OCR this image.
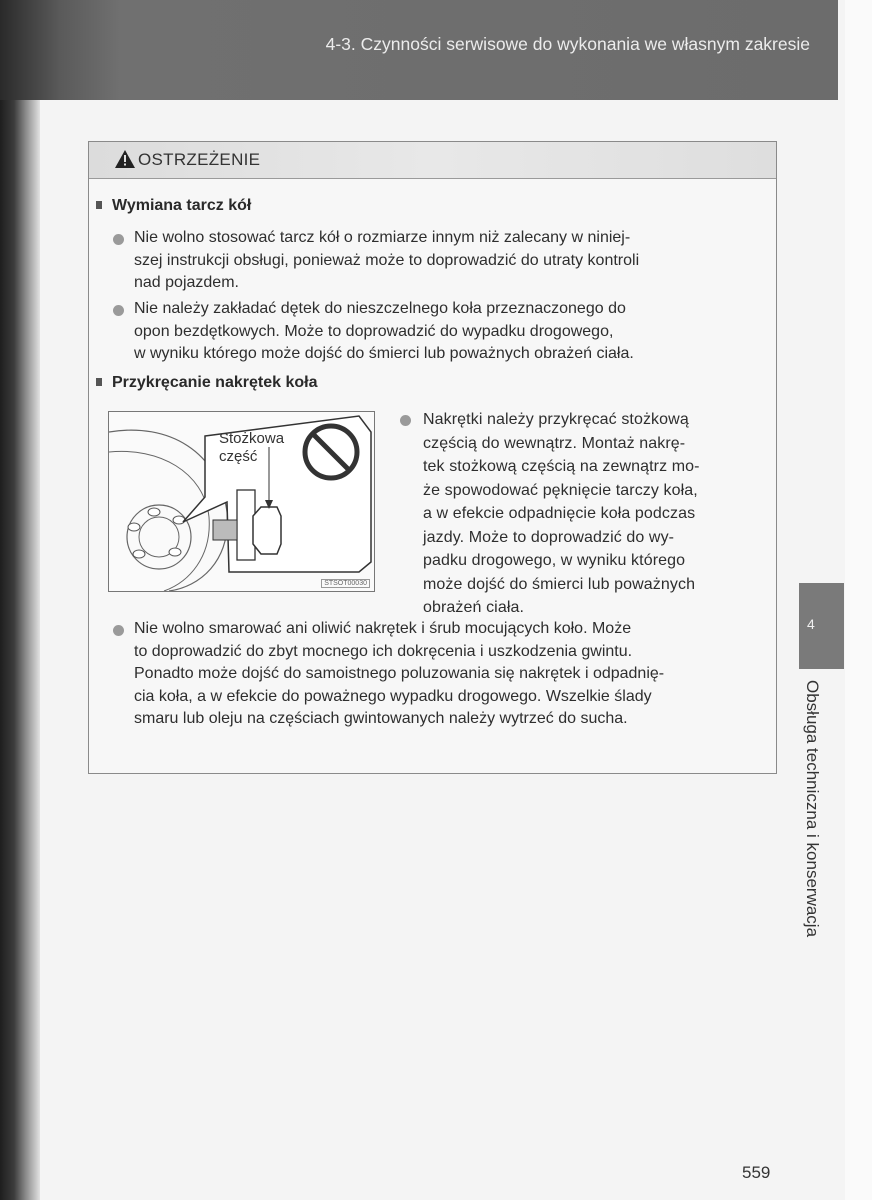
4-3. Czynności serwisowe do wykonania we własnym zakresie
OSTRZEŻENIE
Wymiana tarcz kół
Nie wolno stosować tarcz kół o rozmiarze innym niż zalecany w niniej-
szej instrukcji obsługi, ponieważ może to doprowadzić do utraty kontroli
nad pojazdem.
Nie należy zakładać dętek do nieszczelnego koła przeznaczonego do
opon bezdętkowych. Może to doprowadzić do wypadku drogowego,
w wyniku którego może dojść do śmierci lub poważnych obrażeń ciała.
Przykręcanie nakrętek koła
Stożkowa
część
STSOT00030
Nakrętki należy przykręcać stożkową
częścią do wewnątrz. Montaż nakrę-
tek stożkową częścią na zewnątrz mo-
że spowodować pęknięcie tarczy koła,
a w efekcie odpadnięcie koła podczas
jazdy. Może to doprowadzić do wy-
padku drogowego, w wyniku którego
może dojść do śmierci lub poważnych
obrażeń ciała.
Nie wolno smarować ani oliwić nakrętek i śrub mocujących koło. Może
to doprowadzić do zbyt mocnego ich dokręcenia i uszkodzenia gwintu.
Ponadto może dojść do samoistnego poluzowania się nakrętek i odpadnię-
cia koła, a w efekcie do poważnego wypadku drogowego. Wszelkie ślady
smaru lub oleju na częściach gwintowanych należy wytrzeć do sucha.
4
Obsługa techniczna i konserwacja
559
